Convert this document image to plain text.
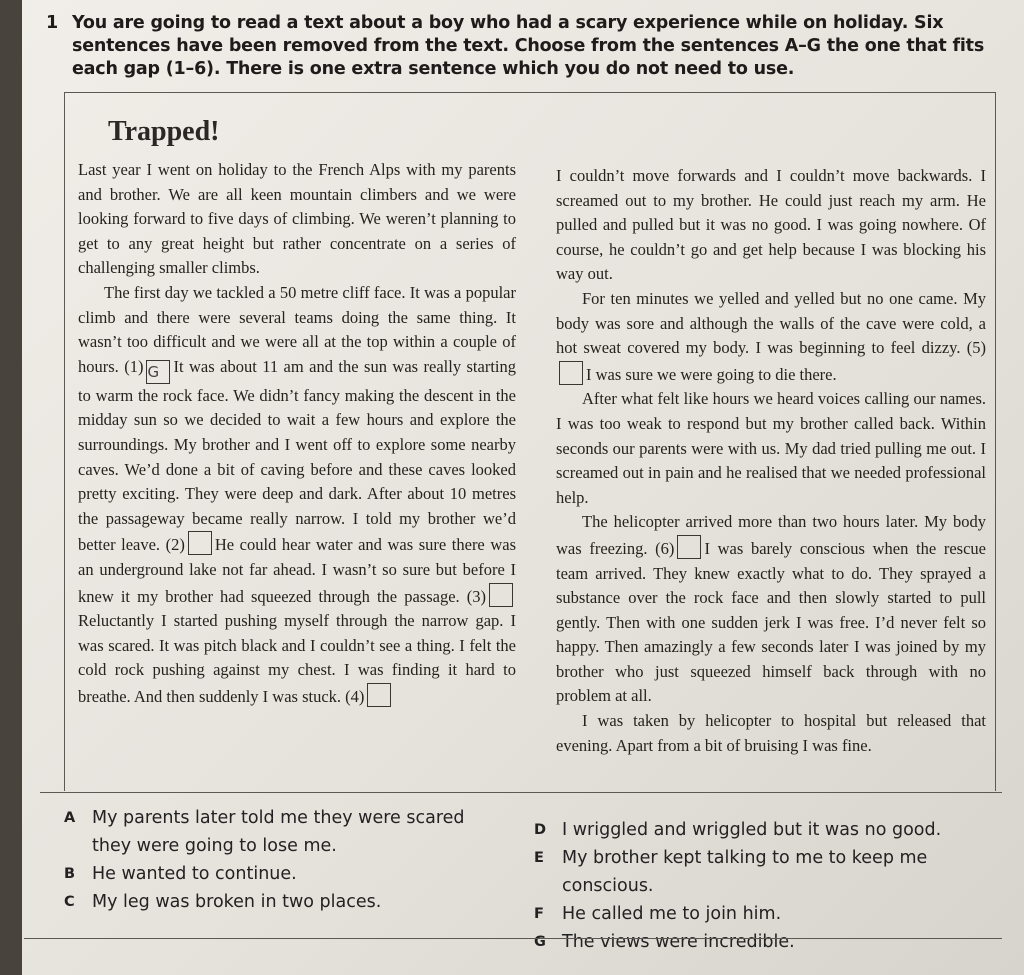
1 You are going to read a text about a boy who had a scary experience while on holiday. Six sentences have been removed from the text. Choose from the sentences A–G the one that fits each gap (1–6). There is one extra sentence which you do not need to use.
Trapped!

Last year I went on holiday to the French Alps with my parents and brother. We are all keen mountain climbers and we were looking forward to five days of climbing. We weren’t planning to get to any great height but rather concentrate on a series of challenging smaller climbs.

The first day we tackled a 50 metre cliff face. It was a popular climb and there were several teams doing the same thing. It wasn’t too difficult and we were all at the top within a couple of hours. (1) G It was about 11 am and the sun was really starting to warm the rock face. We didn’t fancy making the descent in the midday sun so we decided to wait a few hours and explore the surroundings. My brother and I went off to explore some nearby caves. We’d done a bit of caving before and these caves looked pretty exciting. They were deep and dark. After about 10 metres the passageway became really narrow. I told my brother we’d better leave. (2) He could hear water and was sure there was an underground lake not far ahead. I wasn’t so sure but before I knew it my brother had squeezed through the passage. (3)Reluctantly I started pushing myself through the narrow gap. I was scared. It was pitch black and I couldn’t see a thing. I felt the cold rock pushing against my chest. I was finding it hard to breathe. And then suddenly I was stuck. (4)

I couldn’t move forwards and I couldn’t move backwards. I screamed out to my brother. He could just reach my arm. He pulled and pulled but it was no good. I was going nowhere. Of course, he couldn’t go and get help because I was blocking his way out.

For ten minutes we yelled and yelled but no one came. My body was sore and although the walls of the cave were cold, a hot sweat covered my body. I was beginning to feel dizzy. (5)I was sure we were going to die there.

After what felt like hours we heard voices calling our names. I was too weak to respond but my brother called back. Within seconds our parents were with us. My dad tried pulling me out. I screamed out in pain and he realised that we needed professional help.

The helicopter arrived more than two hours later. My body was freezing. (6) I was barely conscious when the rescue team arrived. They knew exactly what to do. They sprayed a substance over the rock face and then slowly started to pull gently. Then with one sudden jerk I was free. I’d never felt so happy. Then amazingly a few seconds later I was joined by my brother who just squeezed himself back through with no problem at all.

I was taken by helicopter to hospital but released that evening. Apart from a bit of bruising I was fine.

A My parents later told me they were scared they were going to lose me.
B He wanted to continue.
C My leg was broken in two places.
D I wriggled and wriggled but it was no good.
E My brother kept talking to me to keep me conscious.
F He called me to join him.
G The views were incredible.
